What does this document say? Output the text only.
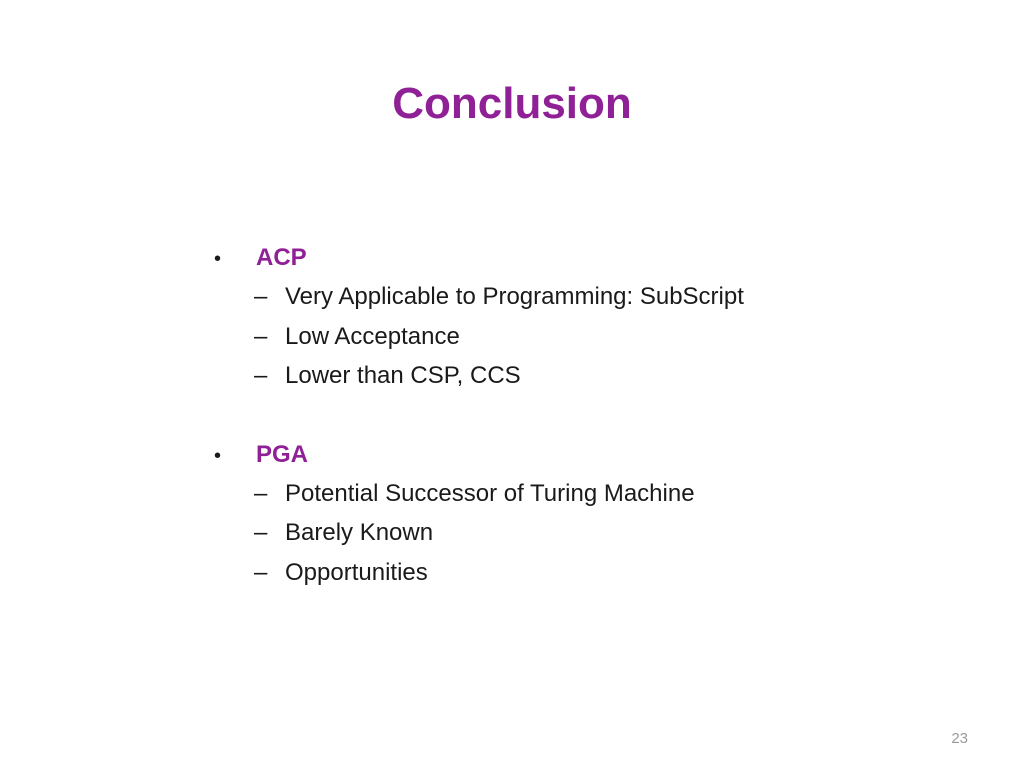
Conclusion
•	ACP
– Very Applicable to Programming: SubScript
– Low Acceptance
– Lower than CSP, CCS
•	PGA
– Potential Successor of Turing Machine
– Barely Known
– Opportunities
23
